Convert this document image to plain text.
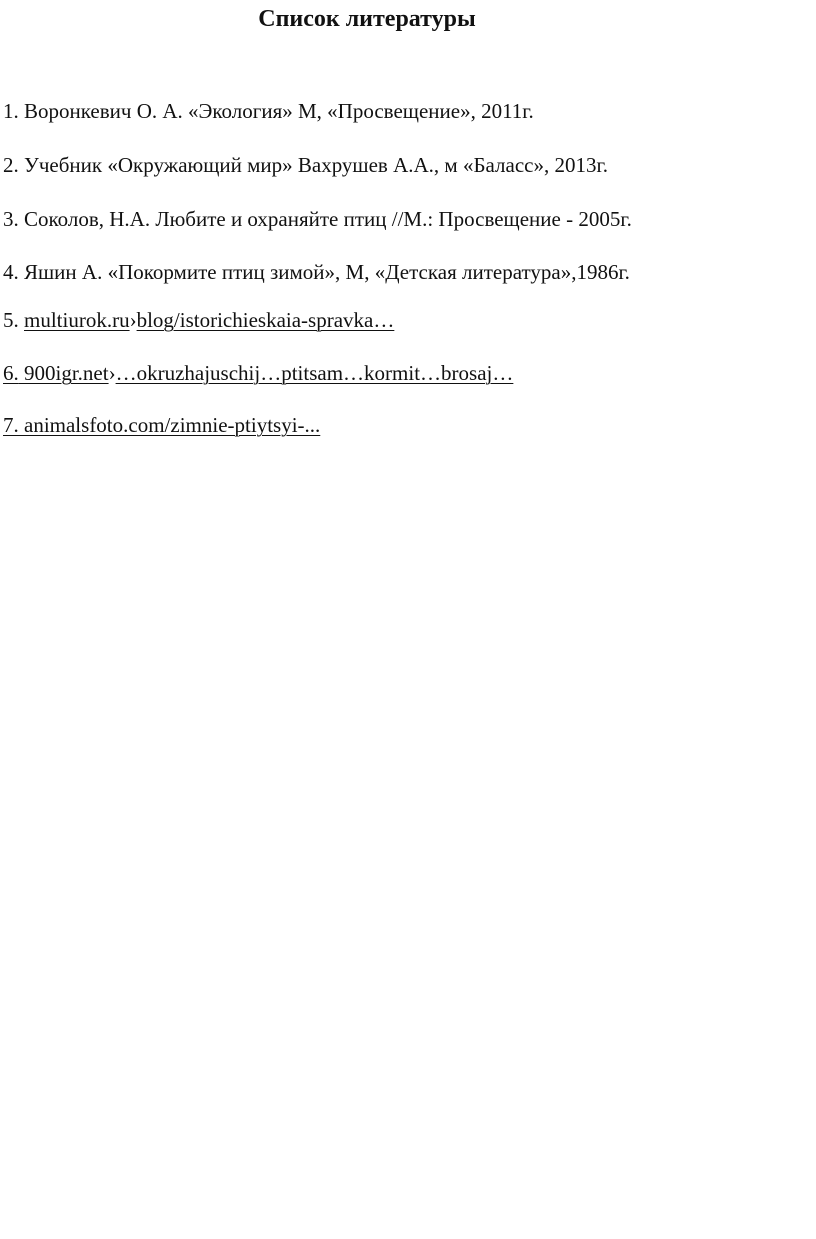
Список литературы
1. Воронкевич О. А. «Экология» М, «Просвещение», 2011г.
2. Учебник «Окружающий мир» Вахрушев А.А., м «Баласс», 2013г.
3. Соколов, Н.А. Любите и охраняйте птиц //М.: Просвещение - 2005г.
4. Яшин А. «Покормите птиц зимой», М, «Детская литература»,1986г.
5. multiurok.ru›blog/istorichieskaia-spravka…
6. 900igr.net›…okruzhajuschij…ptitsam…kormit…brosaj…
7. animalsfoto.com/zimnie-ptiytsyi-...
